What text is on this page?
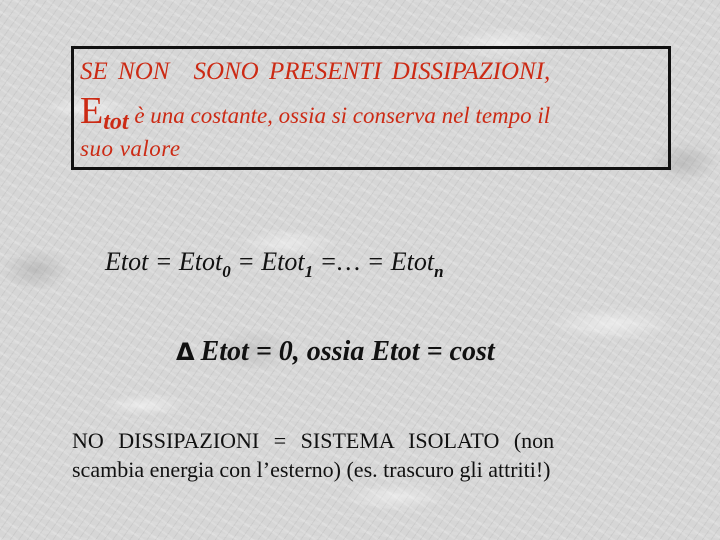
SE NON SONO PRESENTI DISSIPAZIONI,
Etot è una costante, ossia si conserva nel tempo il
suo valore
Etot = Etot$_0$ = Etot$_1$ =… = Etot$_n$
Δ Etot = 0, ossia Etot = cost
NO DISSIPAZIONI = SISTEMA ISOLATO (non
scambia energia con l’esterno) (es. trascuro gli attriti!)
